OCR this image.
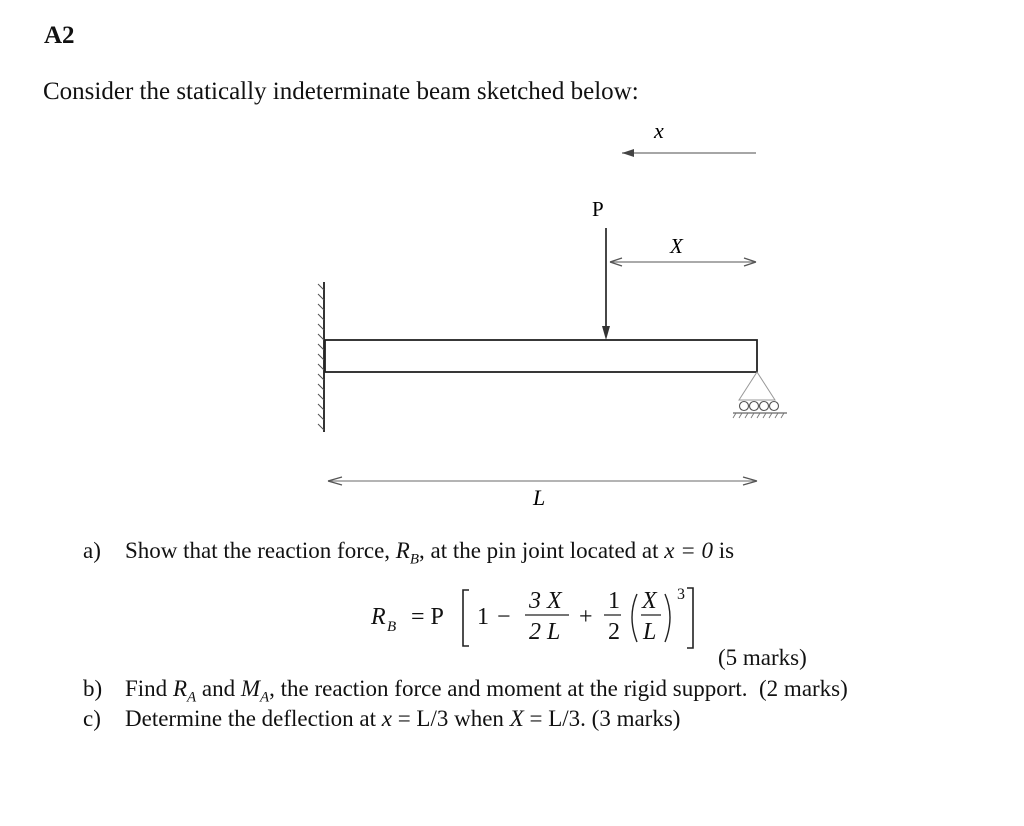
A2
Consider the statically indeterminate beam sketched below:
x
P
X
L
a) Show that the reaction force, $R_B$, at the pin joint located at x = 0 is
R B = P 1 −
3 X
2 L
+
1
2
X
L
3
(5 marks)
b) Find $R_A$ and $M_A$, the reaction force and moment at the rigid support. (2 marks)
c) Determine the deflection at x = L/3 when X = L/3. (3 marks)
